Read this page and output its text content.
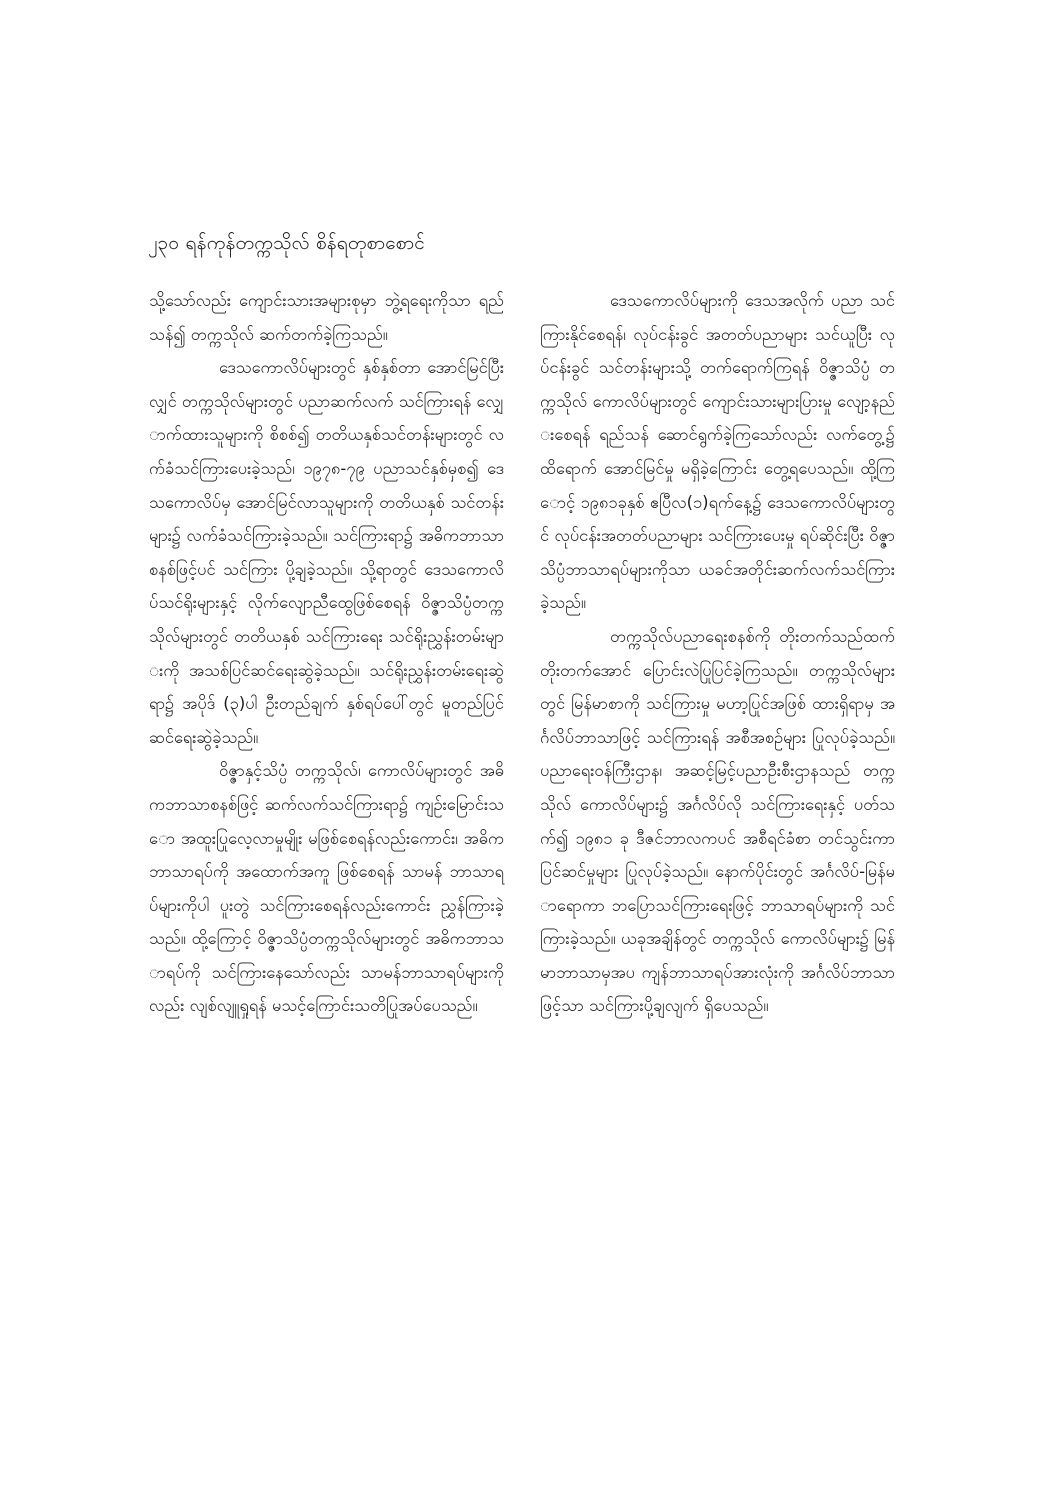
၂၃၀ ရန်ကုန်တက္ကသိုလ် စိန်ရတုစာစောင်

သို့သော်လည်း ကျောင်းသားအများစုမှာ ဘွဲ့ရရေးကိုသာ ရည်သန်၍ တက္ကသိုလ် ဆက်တက်ခဲ့ကြသည်။

ဒေသကောလိပ်များတွင် နှစ်နှစ်တာ အောင်မြင်ပြီးလျှင် တက္ကသိုလ်များတွင် ပညာဆက်လက် သင်ကြားရန် လျှောက်ထားသူများကို စိစစ်၍ တတိယနှစ်သင်တန်းများတွင် လက်ခံသင်ကြားပေးခဲ့သည်၊ ၁၉၇၈-၇၉ ပညာသင်နှစ်မှစ၍ ဒေသကောလိပ်မှ အောင်မြင်လာသူများကို တတိယနှစ် သင်တန်းများ၌ လက်ခံသင်ကြားခဲ့သည်။ သင်ကြားရာ၌ အဓိကဘာသာစနစ်ဖြင့်ပင် သင်ကြား ပို့ချခဲ့သည်။ သို့ရာတွင် ဒေသကောလိပ်သင်ရိုးများနှင့် လိုက်လျောညီထွေဖြစ်စေရန် ဝိဇ္ဇာသိပ္ပံတက္ကသိုလ်များတွင် တတိယနှစ် သင်ကြားရေး သင်ရိုးညွှန်းတမ်းများကို အသစ်ပြင်ဆင်ရေးဆွဲခဲ့သည်။ သင်ရိုးညွှန်းတမ်းရေးဆွဲရာ၌ အပိုဒ် (၃)ပါ ဦးတည်ချက် နှစ်ရပ်ပေါ်တွင် မူတည်ပြင်ဆင်ရေးဆွဲခဲ့သည်။

ဝိဇ္ဇာနှင့်သိပ္ပံ တက္ကသိုလ်၊ ကောလိပ်များတွင် အဓိကဘာသာစနစ်ဖြင့် ဆက်လက်သင်ကြားရာ၌ ကျဉ်းမြောင်းသော အထူးပြုလေ့လာမှုမျိုး မဖြစ်စေရန်လည်းကောင်း၊ အဓိကဘာသာရပ်ကို အထောက်အကူ ဖြစ်စေရန် သာမန် ဘာသာရပ်များကိုပါ ပူးတွဲ သင်ကြားစေရန်လည်းကောင်း ညွှန်ကြားခဲ့သည်။ ထို့ကြောင့် ဝိဇ္ဇာသိပ္ပံတက္ကသိုလ်များတွင် အဓိကဘာသာရပ်ကို သင်ကြားနေသော်လည်း သာမန်ဘာသာရပ်များကိုလည်း လျစ်လျူရှုရန် မသင့်ကြောင်းသတိပြုအပ်ပေသည်။

ဒေသကောလိပ်များကို ဒေသအလိုက် ပညာ သင်ကြားနိုင်စေရန်၊ လုပ်ငန်းခွင် အတတ်ပညာများ သင်ယူပြီး လုပ်ငန်းခွင် သင်တန်းများသို့ တက်ရောက်ကြရန် ဝိဇ္ဇာသိပ္ပံ တက္ကသိုလ် ကောလိပ်များတွင် ကျောင်းသားများပြားမှု လျော့နည်းစေရန် ရည်သန် ဆောင်ရွက်ခဲ့ကြသော်လည်း လက်တွေ့၌ ထိရောက် အောင်မြင်မှု မရှိခဲ့ကြောင်း တွေ့ရပေသည်။ ထို့ကြောင့် ၁၉၈၁ခုနှစ် ဧပြီလ(၁)ရက်နေ့၌ ဒေသကောလိပ်များတွင် လုပ်ငန်းအတတ်ပညာများ သင်ကြားပေးမှု ရပ်ဆိုင်းပြီး ဝိဇ္ဇာသိပ္ပံဘာသာရပ်များကိုသာ ယခင်အတိုင်းဆက်လက်သင်ကြားခဲ့သည်။

တက္ကသိုလ်ပညာရေးစနစ်ကို တိုးတက်သည်ထက်တိုးတက်အောင် ပြောင်းလဲပြုပြင်ခဲ့ကြသည်။ တက္ကသိုလ်များတွင် မြန်မာစာကို သင်ကြားမှု မဟာ့ပြုင်အဖြစ် ထားရှိရာမှ အင်္ဂလိပ်ဘာသာဖြင့် သင်ကြားရန် အစီအစဉ်များ ပြုလုပ်ခဲ့သည်။ ပညာရေးဝန်ကြီးဌာန၊ အဆင့်မြင့်ပညာဦးစီးဌာနသည် တက္ကသိုလ် ကောလိပ်များ၌ အင်္ဂလိပ်လို သင်ကြားရေးနှင့် ပတ်သက်၍ ၁၉၈၁ ခု ဒီဇင်ဘာလကပင် အစီရင်ခံစာ တင်သွင်းကာ ပြင်ဆင်မှုများ ပြုလုပ်ခဲ့သည်။ နောက်ပိုင်းတွင် အင်္ဂလိပ်-မြန်မာရောကာ ဘပြောသင်ကြားရေးဖြင့် ဘာသာရပ်များကို သင်ကြားခဲ့သည်။ ယခုအချိန်တွင် တက္ကသိုလ် ကောလိပ်များ၌ မြန်မာဘာသာမှအပ ကျန်ဘာသာရပ်အားလုံးကို အင်္ဂလိပ်ဘာသာဖြင့်သာ သင်ကြားပို့ချလျက် ရှိပေသည်။
